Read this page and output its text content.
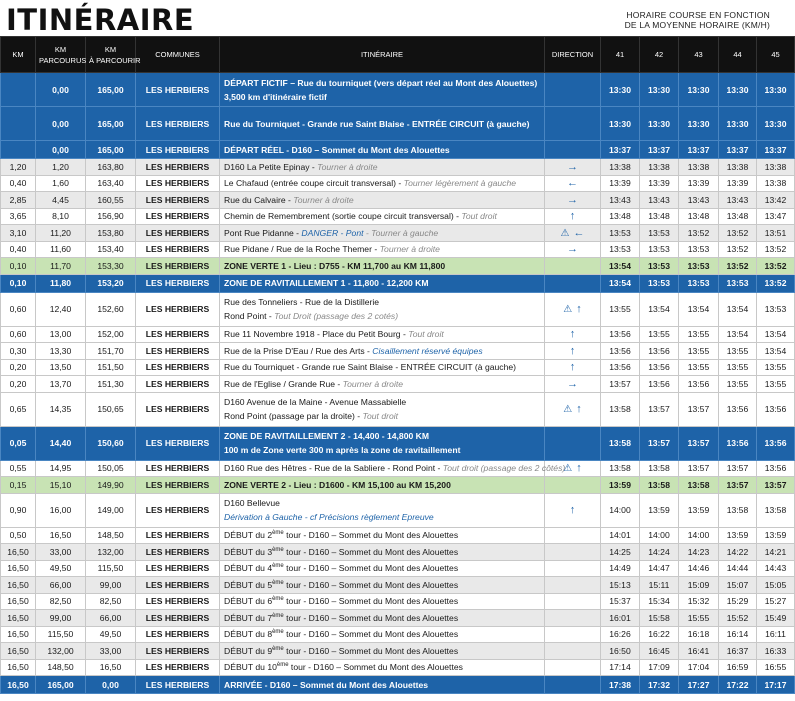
ITINÉRAIRE	HORAIRE COURSE EN FONCTION
DE LA MOYENNE HORAIRE (KM/H)
KM	KM
PARCOURUS	KM
À PARCOURIR	COMMUNES	ITINÉRAIRE	DIRECTION	41	42	43	44	45
	0,00	165,00	LES HERBIERS	DÉPART FICTIF – Rue du tourniquet (vers départ réel au Mont des Alouettes)
3,500 km d'itinéraire fictif		13:30	13:30	13:30	13:30	13:30
	0,00	165,00	LES HERBIERS	Rue du Tourniquet - Grande rue Saint Blaise - ENTRÉE CIRCUIT (à gauche)		13:30	13:30	13:30	13:30	13:30
	0,00	165,00	LES HERBIERS	DÉPART RÉEL - D160 – Sommet du Mont des Alouettes		13:37	13:37	13:37	13:37	13:37
1,20	1,20	163,80	LES HERBIERS	D160 La Petite Epinay - Tourner à droite	→	13:38	13:38	13:38	13:38	13:38
0,40	1,60	163,40	LES HERBIERS	Le Chafaud (entrée coupe circuit transversal) - Tourner légèrement à gauche	←	13:39	13:39	13:39	13:39	13:38
2,85	4,45	160,55	LES HERBIERS	Rue du Calvaire - Tourner à droite	→	13:43	13:43	13:43	13:43	13:42
3,65	8,10	156,90	LES HERBIERS	Chemin de Remembrement (sortie coupe circuit transversal) - Tout droit	↑	13:48	13:48	13:48	13:48	13:47
3,10	11,20	153,80	LES HERBIERS	Pont Rue Pidanne - DANGER - Pont - Tourner à gauche	⚠ ←	13:53	13:53	13:52	13:52	13:51
0,40	11,60	153,40	LES HERBIERS	Rue Pidane / Rue de la Roche Themer - Tourner à droite	→	13:53	13:53	13:53	13:52	13:52
0,10	11,70	153,30	LES HERBIERS	ZONE VERTE 1 - Lieu : D755 - KM 11,700 au KM 11,800		13:54	13:53	13:53	13:52	13:52
0,10	11,80	153,20	LES HERBIERS	ZONE DE RAVITAILLEMENT 1 - 11,800 - 12,200 KM		13:54	13:53	13:53	13:53	13:52
0,60	12,40	152,60	LES HERBIERS	Rue des Tonneliers - Rue de la Distillerie
Rond Point - Tout Droit (passage des 2 cotés)	⚠ ↑	13:55	13:54	13:54	13:54	13:53
0,60	13,00	152,00	LES HERBIERS	Rue 11 Novembre 1918 - Place du Petit Bourg - Tout droit	↑	13:56	13:55	13:55	13:54	13:54
0,30	13,30	151,70	LES HERBIERS	Rue de la Prise D'Eau / Rue des Arts - Cisaillement réservé équipes	↑	13:56	13:56	13:55	13:55	13:54
0,20	13,50	151,50	LES HERBIERS	Rue du Tourniquet - Grande rue Saint Blaise - ENTRÉE CIRCUIT (à gauche)	↑	13:56	13:56	13:55	13:55	13:55
0,20	13,70	151,30	LES HERBIERS	Rue de l'Eglise / Grande Rue - Tourner à droite	→	13:57	13:56	13:56	13:55	13:55
0,65	14,35	150,65	LES HERBIERS	D160 Avenue de la Maine - Avenue Massabielle
Rond Point (passage par la droite) - Tout droit	⚠ ↑	13:58	13:57	13:57	13:56	13:56
0,05	14,40	150,60	LES HERBIERS	ZONE DE RAVITAILLEMENT 2 - 14,400 - 14,800 KM
100 m de Zone verte 300 m après la zone de ravitaillement		13:58	13:57	13:57	13:56	13:56
0,55	14,95	150,05	LES HERBIERS	D160 Rue des Hêtres - Rue de la Sabliere - Rond Point - Tout droit (passage des 2 côtés)	⚠ ↑	13:58	13:58	13:57	13:57	13:56
0,15	15,10	149,90	LES HERBIERS	ZONE VERTE 2 - Lieu : D1600 - KM 15,100 au KM 15,200		13:59	13:58	13:58	13:57	13:57
0,90	16,00	149,00	LES HERBIERS	D160 Bellevue
Dérivation à Gauche - cf Précisions règlement Epreuve	↑	14:00	13:59	13:59	13:58	13:58
0,50	16,50	148,50	LES HERBIERS	DÉBUT du 2ème tour - D160 – Sommet du Mont des Alouettes		14:01	14:00	14:00	13:59	13:59
16,50	33,00	132,00	LES HERBIERS	DÉBUT du 3ème tour - D160 – Sommet du Mont des Alouettes		14:25	14:24	14:23	14:22	14:21
16,50	49,50	115,50	LES HERBIERS	DÉBUT du 4ème tour - D160 – Sommet du Mont des Alouettes		14:49	14:47	14:46	14:44	14:43
16,50	66,00	99,00	LES HERBIERS	DÉBUT du 5ème tour - D160 – Sommet du Mont des Alouettes		15:13	15:11	15:09	15:07	15:05
16,50	82,50	82,50	LES HERBIERS	DÉBUT du 6ème tour - D160 – Sommet du Mont des Alouettes		15:37	15:34	15:32	15:29	15:27
16,50	99,00	66,00	LES HERBIERS	DÉBUT du 7ème tour - D160 – Sommet du Mont des Alouettes		16:01	15:58	15:55	15:52	15:49
16,50	115,50	49,50	LES HERBIERS	DÉBUT du 8ème tour - D160 – Sommet du Mont des Alouettes		16:26	16:22	16:18	16:14	16:11
16,50	132,00	33,00	LES HERBIERS	DÉBUT du 9ème tour - D160 – Sommet du Mont des Alouettes		16:50	16:45	16:41	16:37	16:33
16,50	148,50	16,50	LES HERBIERS	DÉBUT du 10ème tour - D160 – Sommet du Mont des Alouettes		17:14	17:09	17:04	16:59	16:55
16,50	165,00	0,00	LES HERBIERS	ARRIVÉE - D160 – Sommet du Mont des Alouettes		17:38	17:32	17:27	17:22	17:17
